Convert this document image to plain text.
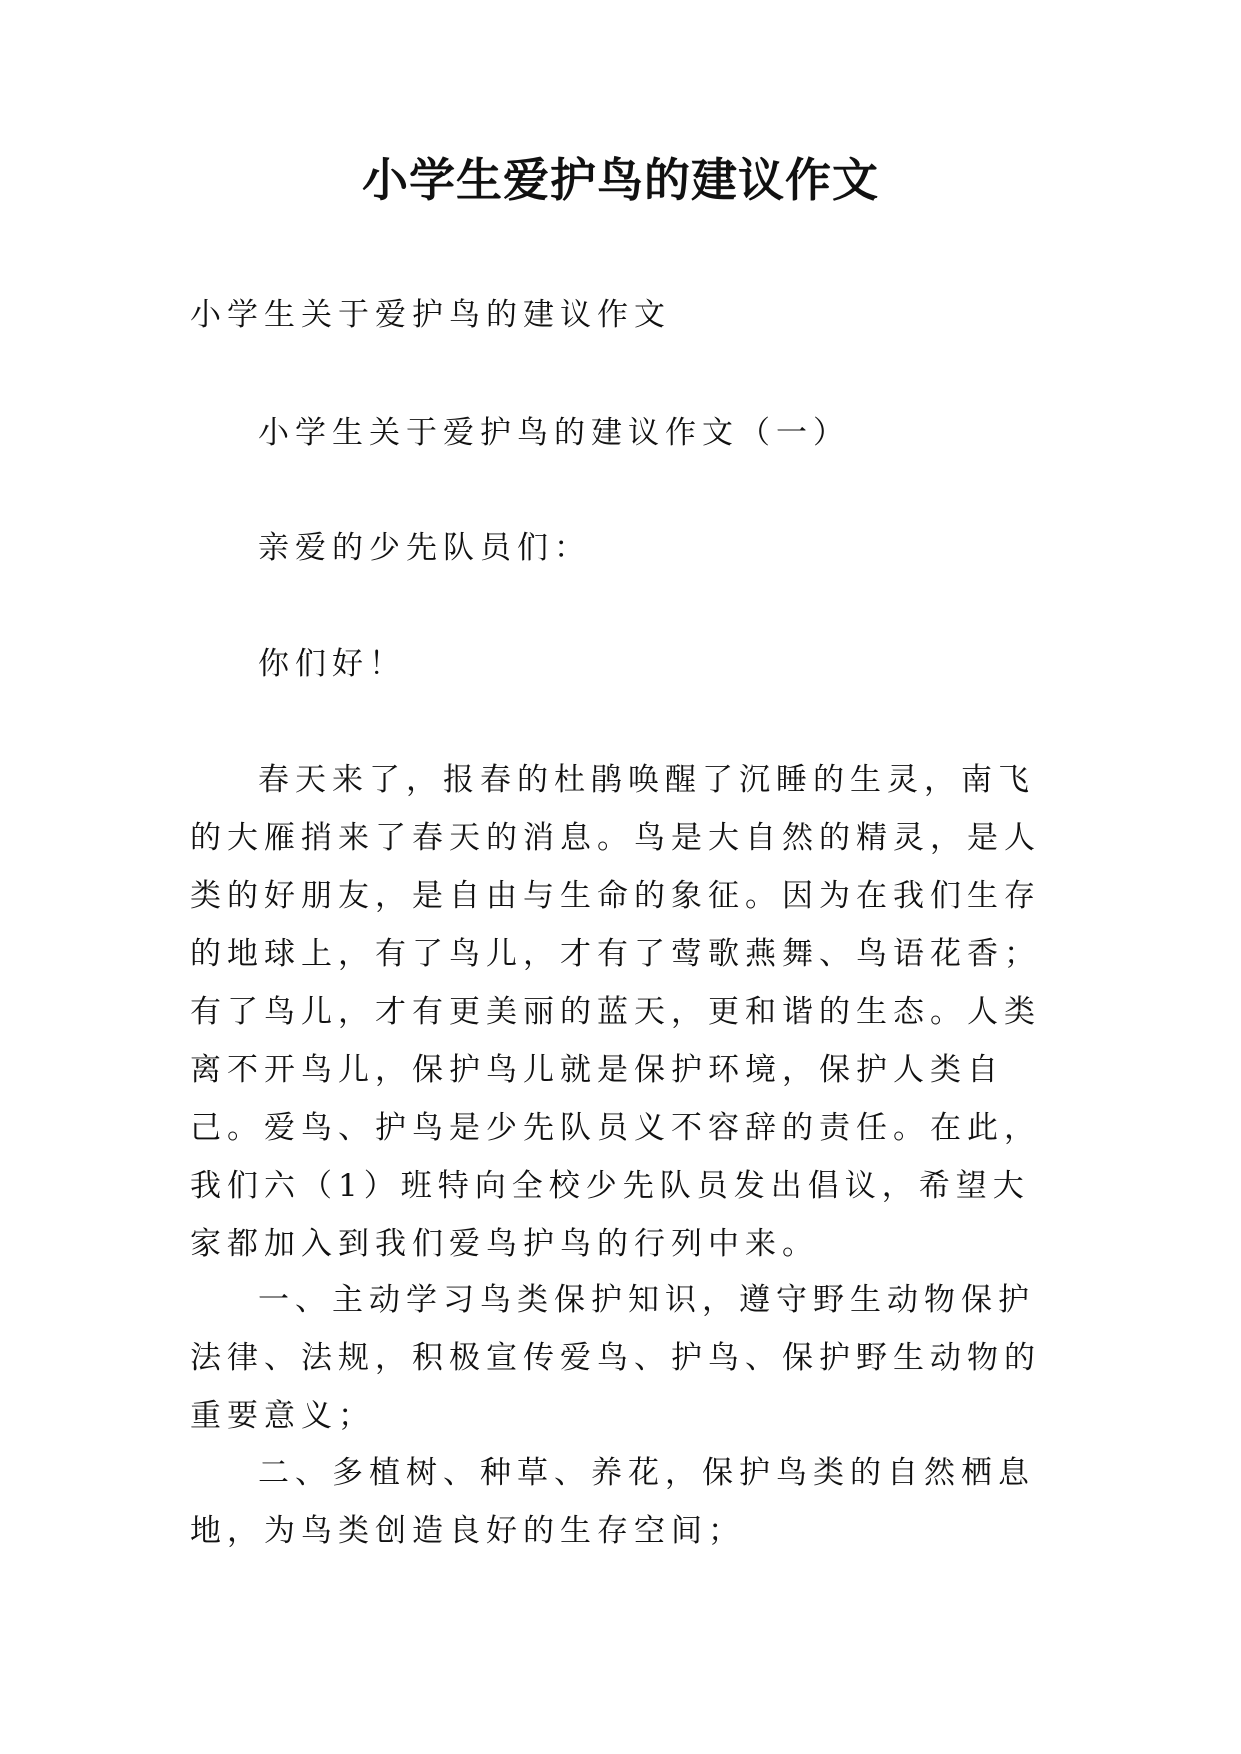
小学生爱护鸟的建议作文

小学生关于爱护鸟的建议作文

小学生关于爱护鸟的建议作文（一）

亲爱的少先队员们：

你们好！

春天来了，报春的杜鹃唤醒了沉睡的生灵，南飞的大雁捎来了春天的消息。鸟是大自然的精灵，是人类的好朋友，是自由与生命的象征。因为在我们生存的地球上，有了鸟儿，才有了莺歌燕舞、鸟语花香；有了鸟儿，才有更美丽的蓝天，更和谐的生态。人类离不开鸟儿，保护鸟儿就是保护环境，保护人类自己。爱鸟、护鸟是少先队员义不容辞的责任。在此，我们六（1）班特向全校少先队员发出倡议，希望大家都加入到我们爱鸟护鸟的行列中来。

一、主动学习鸟类保护知识，遵守野生动物保护法律、法规，积极宣传爱鸟、护鸟、保护野生动物的重要意义；

二、多植树、种草、养花，保护鸟类的自然栖息地，为鸟类创造良好的生存空间；
